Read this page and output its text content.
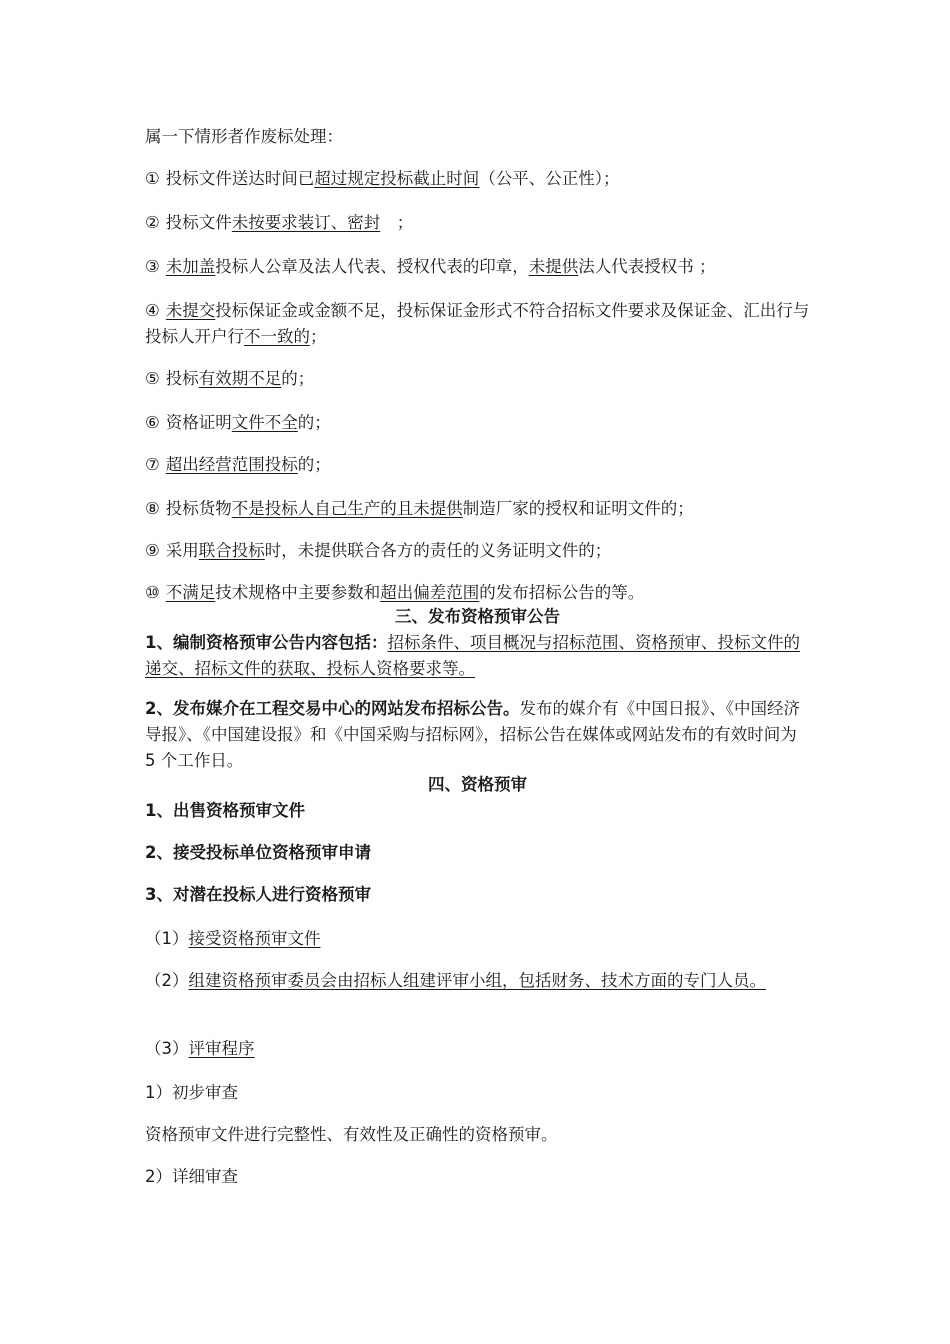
属一下情形者作废标处理：
① 投标文件送达时间已超过规定投标截止时间（公平、公正性）；
② 投标文件未按要求装订、密封　；
③ 未加盖投标人公章及法人代表、授权代表的印章，未提供法人代表授权书 ；
④ 未提交投标保证金或金额不足，投标保证金形式不符合招标文件要求及保证金、汇出行与投标人开户行不一致的；
⑤ 投标有效期不足的；
⑥ 资格证明文件不全的；
⑦ 超出经营范围投标的；
⑧ 投标货物不是投标人自己生产的且未提供制造厂家的授权和证明文件的；
⑨ 采用联合投标时，未提供联合各方的责任的义务证明文件的；
⑩ 不满足技术规格中主要参数和超出偏差范围的发布招标公告的等。
三、发布资格预审公告
1、编制资格预审公告内容包括：招标条件、项目概况与招标范围、资格预审、投标文件的递交、招标文件的获取、投标人资格要求等。
2、发布媒介在工程交易中心的网站发布招标公告。发布的媒介有《中国日报》、《中国经济导报》、《中国建设报》和《中国采购与招标网》，招标公告在媒体或网站发布的有效时间为 5 个工作日。
四、资格预审
1、出售资格预审文件
2、接受投标单位资格预审申请
3、对潜在投标人进行资格预审
（1）接受资格预审文件
（2）组建资格预审委员会由招标人组建评审小组，包括财务、技术方面的专门人员。
（3）评审程序
1）初步审查
资格预审文件进行完整性、有效性及正确性的资格预审。
2）详细审查
